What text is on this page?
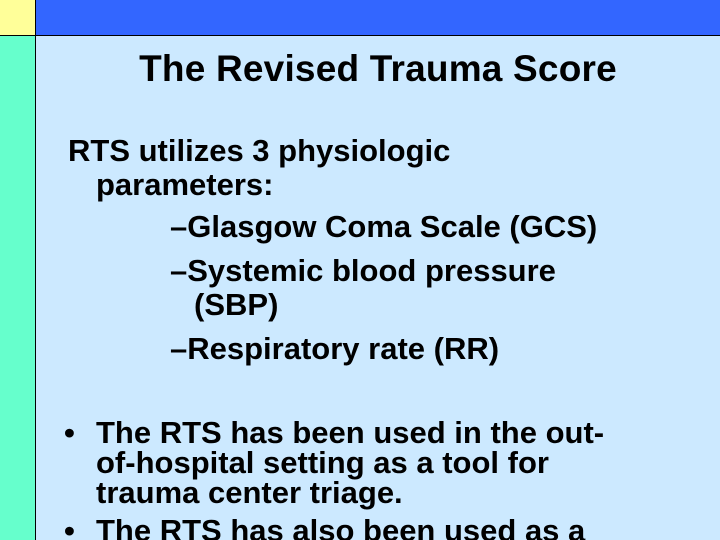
The Revised Trauma Score
RTS utilizes 3 physiologic
parameters:
–Glasgow Coma Scale (GCS)
–Systemic blood pressure
(SBP)
–Respiratory rate (RR)
• The RTS has been used in the out-
of-hospital setting as a tool for
trauma center triage.
• The RTS has also been used as a
